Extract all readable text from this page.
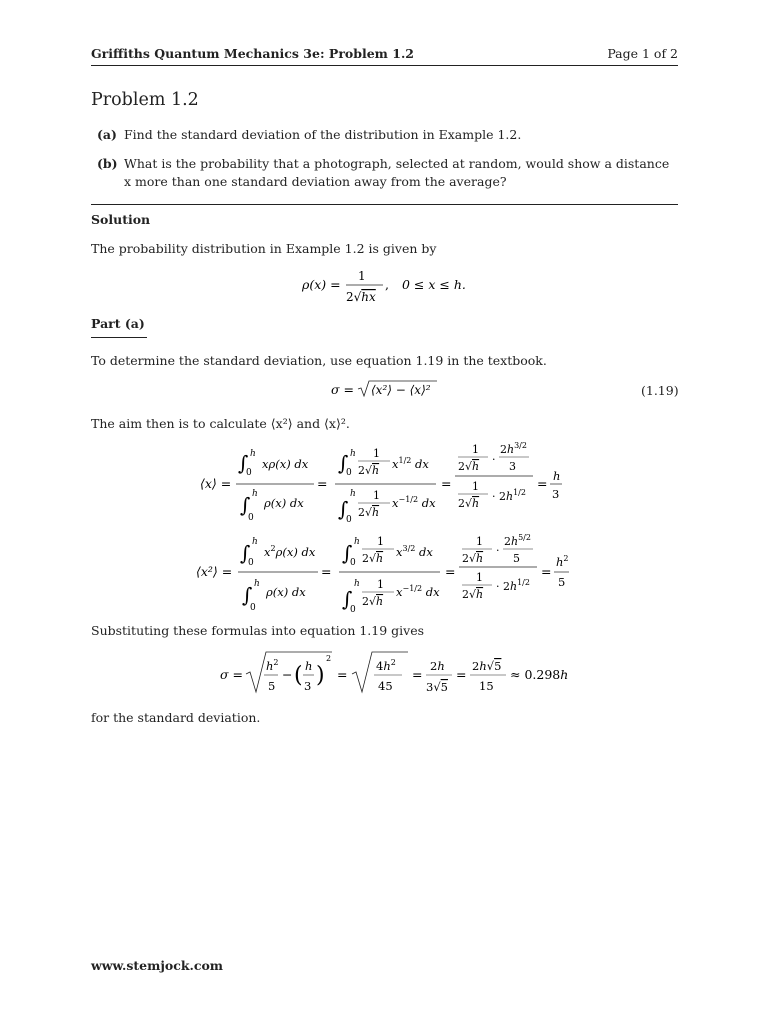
Griffiths Quantum Mechanics 3e: Problem 1.2	Page 1 of 2
Problem 1.2
(a) Find the standard deviation of the distribution in Example 1.2.
(b) What is the probability that a photograph, selected at random, would show a distance x more than one standard deviation away from the average?
Solution
The probability distribution in Example 1.2 is given by
ρ(x) =
1
2√hx
, 0 ≤ x ≤ h.
Part (a)
To determine the standard deviation, use equation 1.19 in the textbook.
σ = ⟨x²⟩ − ⟨x⟩²	(1.19)
The aim then is to calculate ⟨x²⟩ and ⟨x⟩².
⟨x⟩ =
∫ h
0
xρ(x) dx
∫ h
0
ρ(x) dx
=
∫ h
0
1
2√h $x^{1/2}$ dx
∫
h
0
1
2√h
$x^{-1/2}$ dx
=
1
2√h
·
$2h^{3/2}$
3
1
2√h
· $2h^{1/2}$
= h
3
⟨x²⟩ =
∫ h
0
$x^2\rho(x)$ dx
∫ h
0
ρ(x) dx
=
∫ h
0
1
2√h $x^{3/2}$ dx
∫
h
0
1
2√h
$x^{-1/2}$ dx
=
1
2√h
·
$2h^{5/2}$
5
1
2√h
· $2h^{1/2}$
=
$h^2$
5
Substituting these formulas into equation 1.19 gives
σ =
$h^2$
5
− ( h
3 )
2
=
$4h^2$
45
=
2h
3√5
=
2h√5
15
≈ 0.298h
for the standard deviation.
www.stemjock.com
